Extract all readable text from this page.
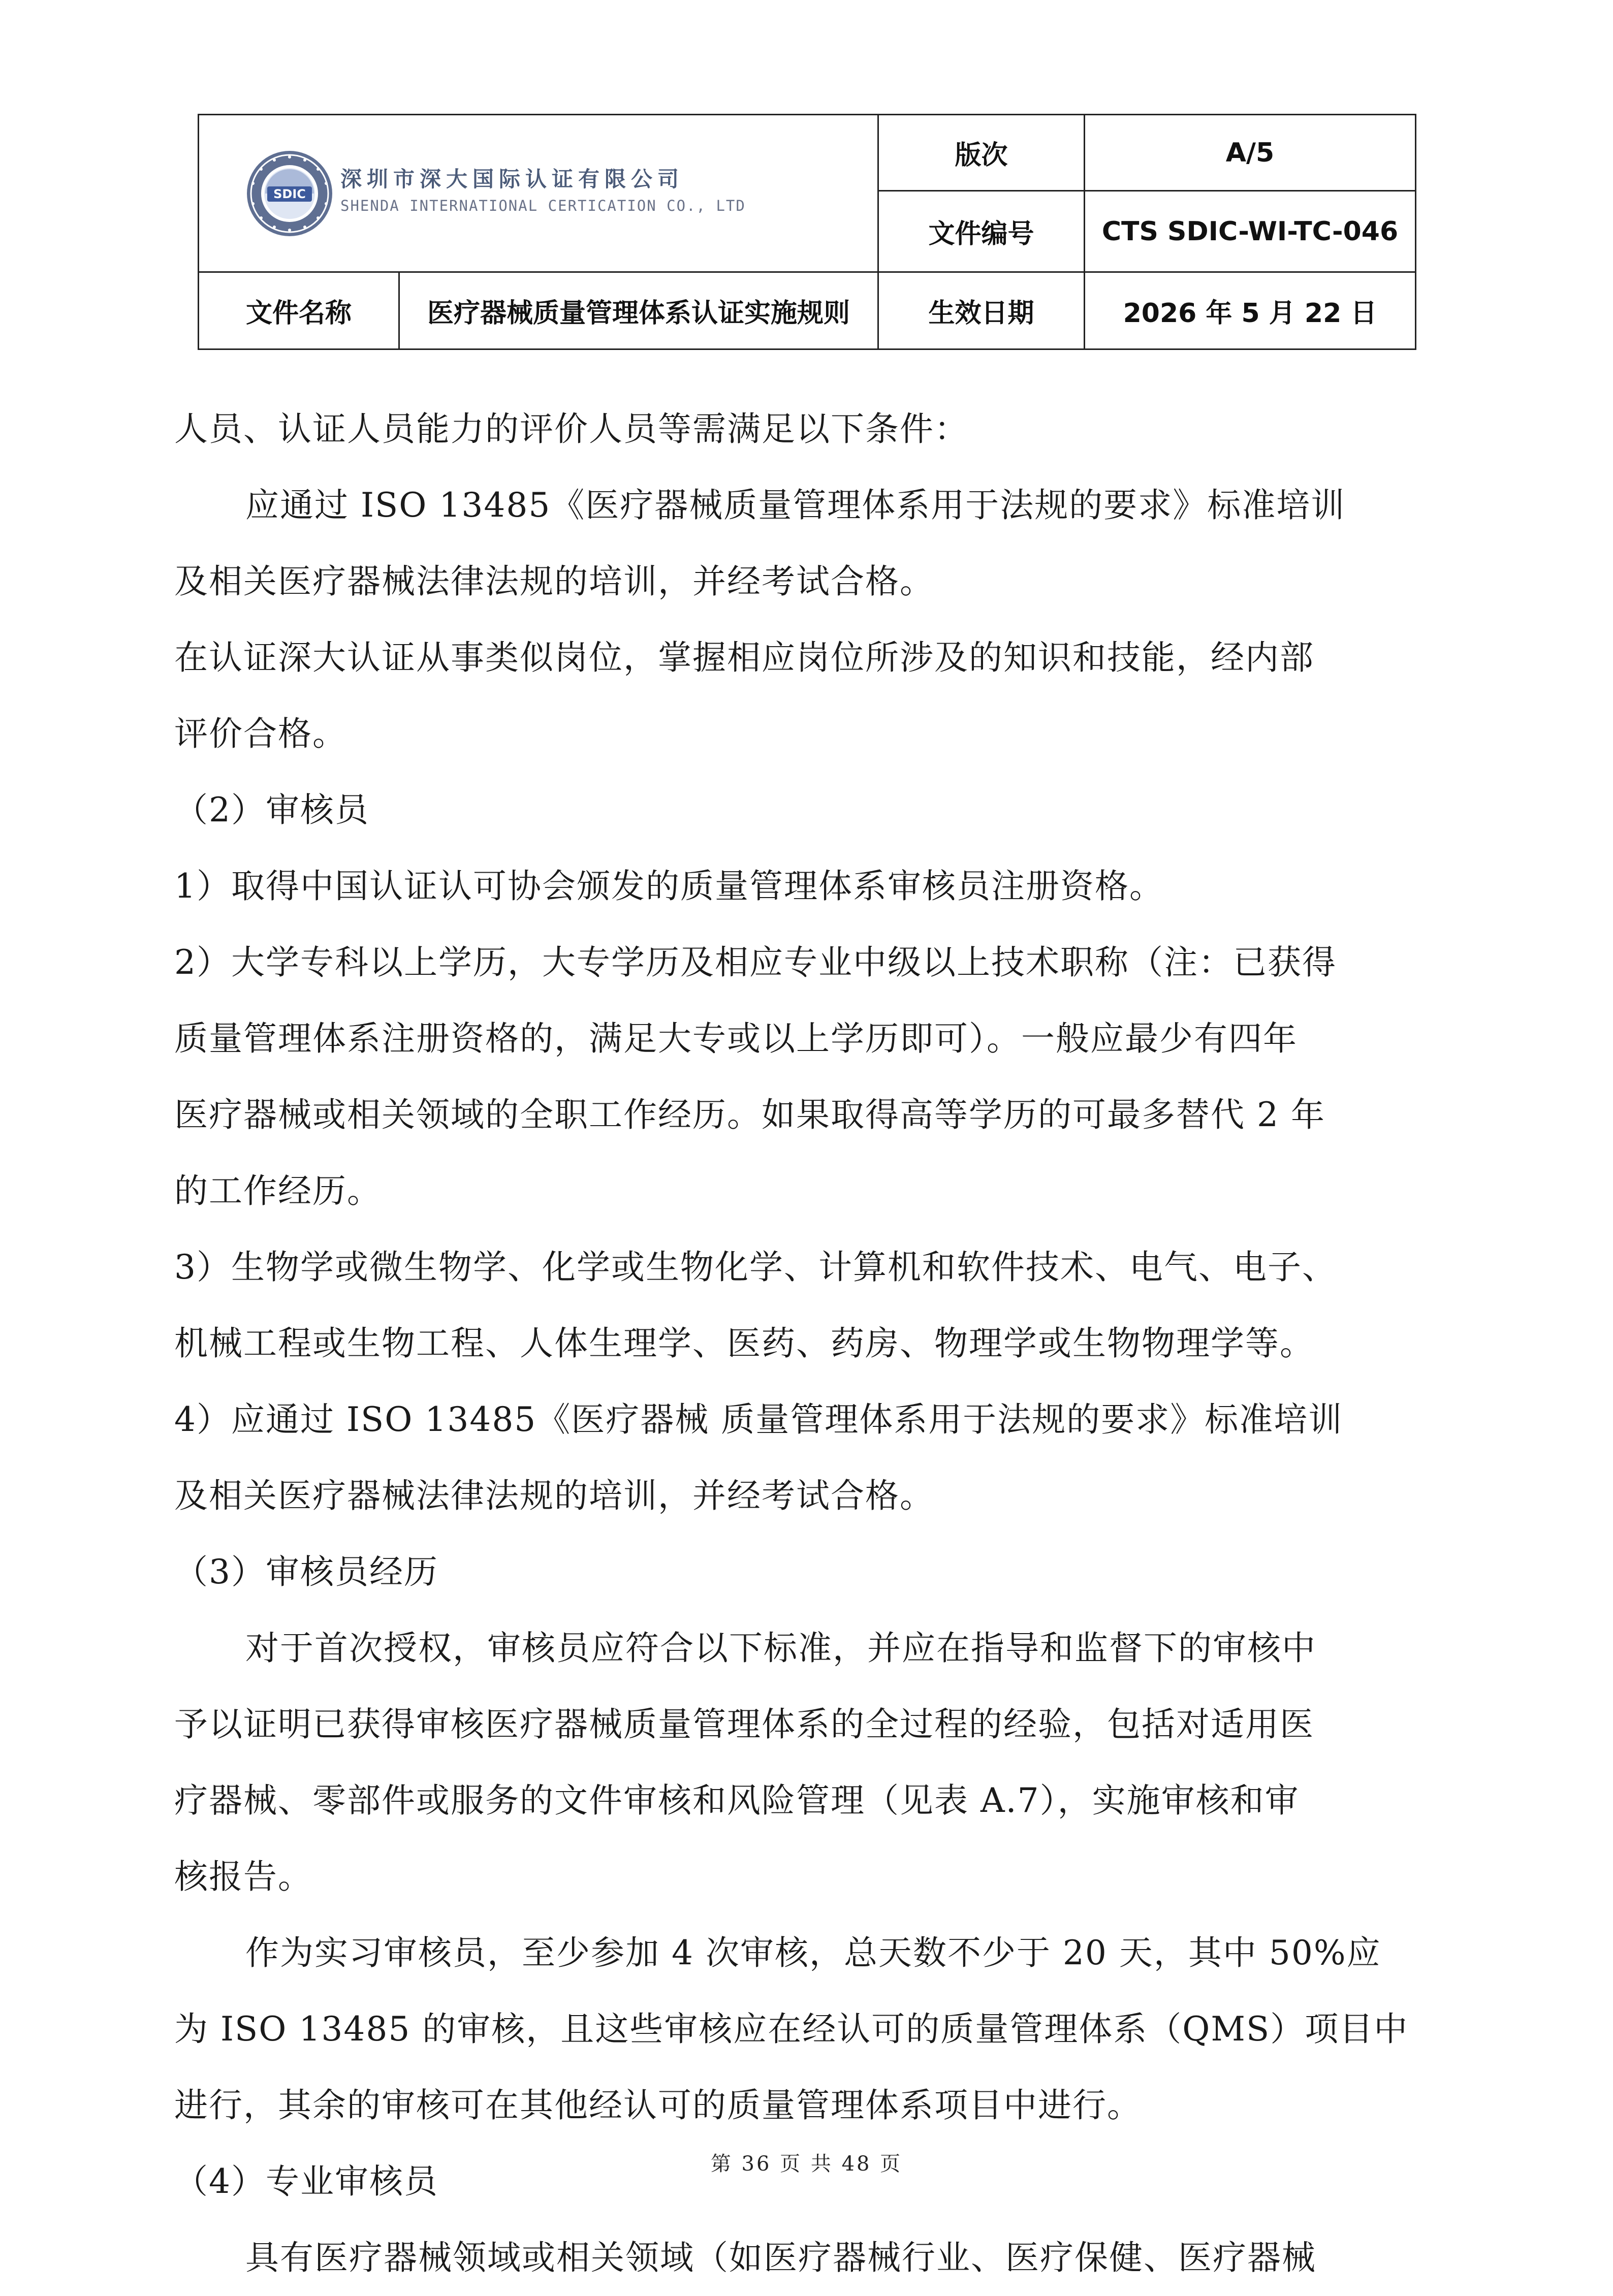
SDIC
深圳市深大国际认证有限公司
SHENDA INTERNATIONAL CERTICATION CO., LTD		版次	A/5
		文件编号	CTS SDIC-WI-TC-046
文件名称	医疗器械质量管理体系认证实施规则	生效日期	2026 年 5 月 22 日

人员、认证人员能力的评价人员等需满足以下条件：

应通过 ISO 13485《医疗器械质量管理体系用于法规的要求》标准培训

及相关医疗器械法律法规的培训，并经考试合格。

在认证深大认证从事类似岗位，掌握相应岗位所涉及的知识和技能，经内部

评价合格。

（2）审核员

1）取得中国认证认可协会颁发的质量管理体系审核员注册资格。

2）大学专科以上学历，大专学历及相应专业中级以上技术职称（注：已获得

质量管理体系注册资格的，满足大专或以上学历即可）。一般应最少有四年

医疗器械或相关领域的全职工作经历。如果取得高等学历的可最多替代 2 年

的工作经历。

3）生物学或微生物学、化学或生物化学、计算机和软件技术、电气、电子、

机械工程或生物工程、人体生理学、医药、药房、物理学或生物物理学等。

4）应通过 ISO 13485《医疗器械 质量管理体系用于法规的要求》标准培训

及相关医疗器械法律法规的培训，并经考试合格。

（3）审核员经历

对于首次授权，审核员应符合以下标准，并应在指导和监督下的审核中

予以证明已获得审核医疗器械质量管理体系的全过程的经验，包括对适用医

疗器械、零部件或服务的文件审核和风险管理（见表 A.7），实施审核和审

核报告。

作为实习审核员，至少参加 4 次审核，总天数不少于 20 天，其中 50%应

为 ISO 13485 的审核，且这些审核应在经认可的质量管理体系（QMS）项目中

进行，其余的审核可在其他经认可的质量管理体系项目中进行。

（4）专业审核员

具有医疗器械领域或相关领域（如医疗器械行业、医疗保健、医疗器械

第 36 页 共 48 页
